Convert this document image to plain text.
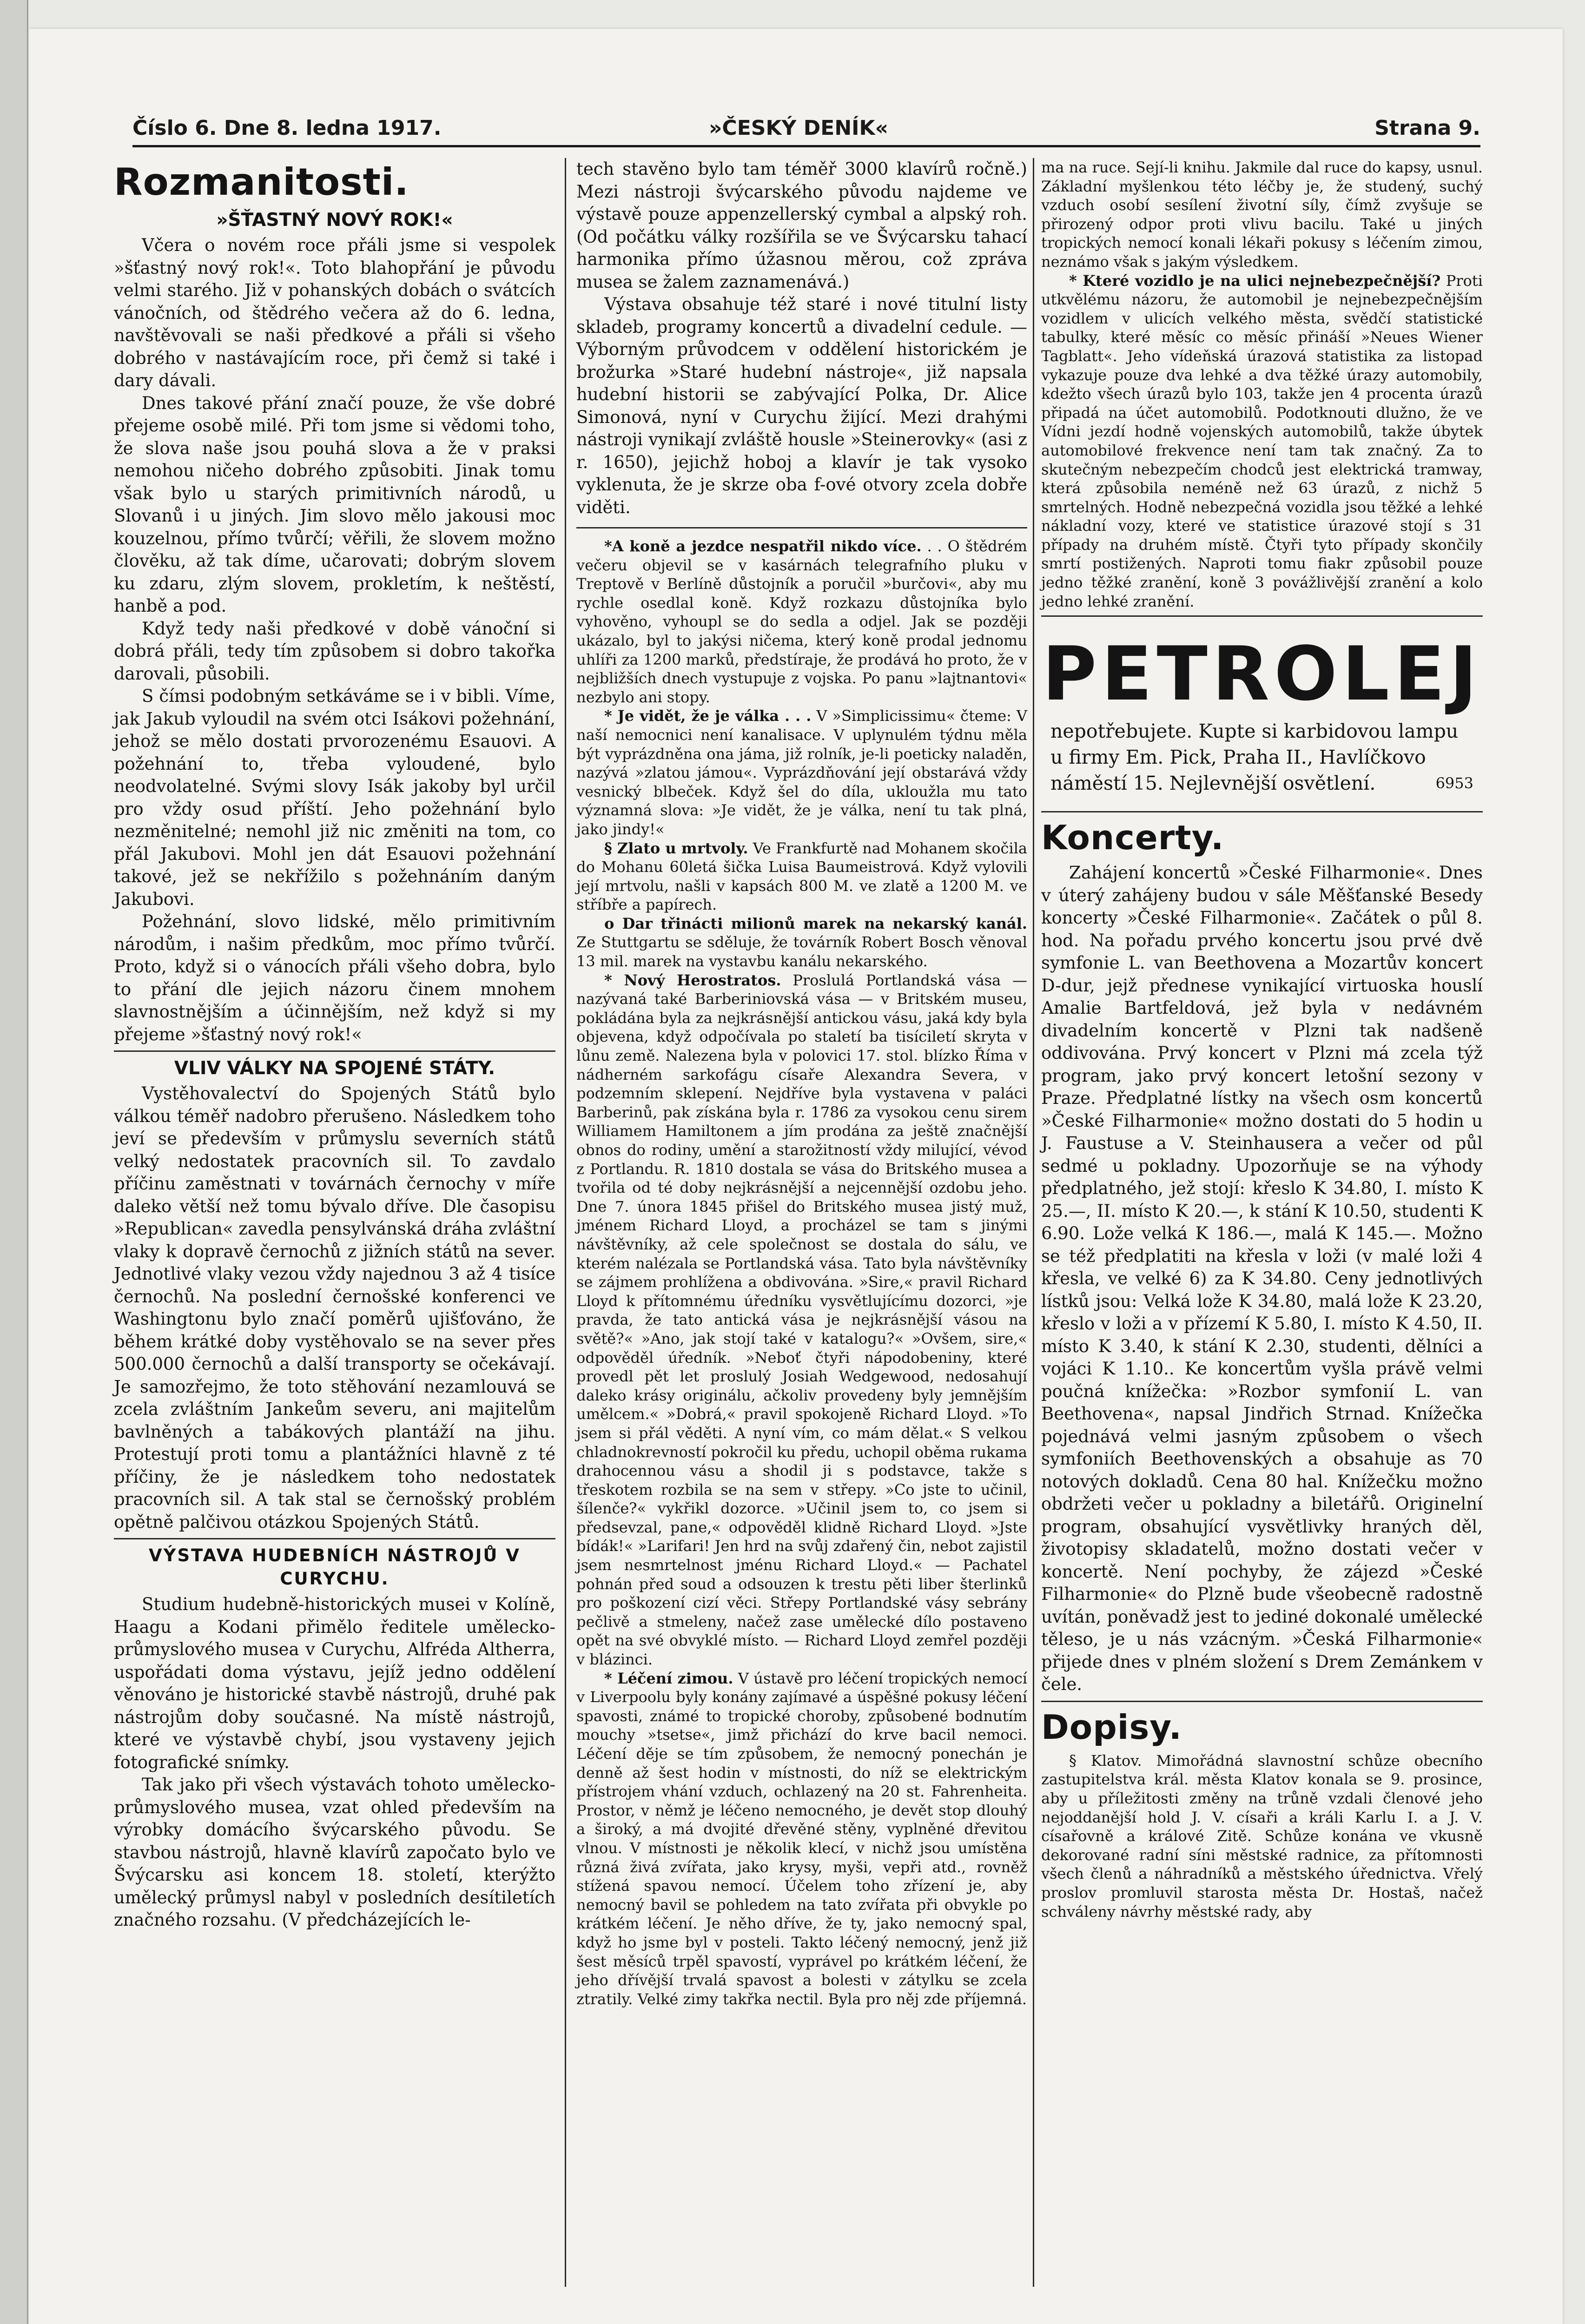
Číslo 6. Dne 8. ledna 1917.	»ČESKÝ DENÍK«	Strana 9.
Rozmanitosti.
»ŠŤASTNÝ NOVÝ ROK!«

Včera o novém roce přáli jsme si vespolek »šťastný nový rok!«. Toto blahopřání je původu velmi starého. Již v pohanských dobách o svátcích vánočních, od štědrého večera až do 6. ledna, navštěvovali se naši předkové a přáli si všeho dobrého v nastávajícím roce, při čemž si také i dary dávali.

Dnes takové přání značí pouze, že vše dobré přejeme osobě milé. Při tom jsme si vědomi toho, že slova naše jsou pouhá slova a že v praksi nemohou ničeho dobrého způsobiti. Jinak tomu však bylo u starých primitivních národů, u Slovanů i u jiných. Jim slovo mělo jakousi moc kouzelnou, přímo tvůrčí; věřili, že slovem možno člověku, až tak díme, učarovati; dobrým slovem ku zdaru, zlým slovem, prokletím, k neštěstí, hanbě a pod.

Když tedy naši předkové v době vánoční si dobrá přáli, tedy tím způsobem si dobro takořka darovali, působili.

S čímsi podobným setkáváme se i v bibli. Víme, jak Jakub vyloudil na svém otci Isákovi požehnání, jehož se mělo dostati prvorozenému Esauovi. A požehnání to, třeba vyloudené, bylo neodvolatelné. Svými slovy Isák jakoby byl určil pro vždy osud příští. Jeho požehnání bylo nezměnitelné; nemohl již nic změniti na tom, co přál Jakubovi. Mohl jen dát Esauovi požehnání takové, jež se nekřížilo s požehnáním daným Jakubovi.

Požehnání, slovo lidské, mělo primitivním národům, i našim předkům, moc přímo tvůrčí. Proto, když si o vánocích přáli všeho dobra, bylo to přání dle jejich názoru činem mnohem slavnostnějším a účinnějším, než když si my přejeme »šťastný nový rok!«

VLIV VÁLKY NA SPOJENÉ STÁTY.

Vystěhovalectví do Spojených Států bylo válkou téměř nadobro přerušeno. Následkem toho jeví se především v průmyslu severních států velký nedostatek pracovních sil. To zavdalo příčinu zaměstnati v továrnách černochy v míře daleko větší než tomu bývalo dříve. Dle časopisu »Republican« zavedla pensylvánská dráha zvláštní vlaky k dopravě černochů z jižních států na sever. Jednotlivé vlaky vezou vždy najednou 3 až 4 tisíce černochů. Na poslední černošské konferenci ve Washingtonu bylo značí poměrů ujišťováno, že během krátké doby vystěhovalo se na sever přes 500.000 černochů a další transporty se očekávají. Je samozřejmo, že toto stěhování nezamlouvá se zcela zvláštním Jankeům severu, ani majitelům bavlněných a tabákových plantáží na jihu. Protestují proti tomu a plantážníci hlavně z té příčiny, že je následkem toho nedostatek pracovních sil. A tak stal se černošský problém opětně palčivou otázkou Spojených Států.

VÝSTAVA HUDEBNÍCH NÁSTROJŮ V CURYCHU.

Studium hudebně-historických musei v Kolíně, Haagu a Kodani přimělo ředitele umělecko-průmyslového musea v Curychu, Alfréda Altherra, uspořádati doma výstavu, jejíž jedno oddělení věnováno je historické stavbě nástrojů, druhé pak nástrojům doby současné. Na místě nástrojů, které ve výstavbě chybí, jsou vystaveny jejich fotografické snímky.

Tak jako při všech výstavách tohoto umělecko-průmyslového musea, vzat ohled především na výrobky domácího švýcarského původu. Se stavbou nástrojů, hlavně klavírů započato bylo ve Švýcarsku asi koncem 18. století, kterýžto umělecký průmysl nabyl v posledních desítiletích značného rozsahu. (V předcházejících le-

tech stavěno bylo tam téměř 3000 klavírů ročně.) Mezi nástroji švýcarského původu najdeme ve výstavě pouze appenzellerský cymbal a alpský roh. (Od počátku války rozšířila se ve Švýcarsku tahací harmonika přímo úžasnou měrou, což zpráva musea se žalem zaznamenává.)

Výstava obsahuje též staré i nové titulní listy skladeb, programy koncertů a divadelní cedule. — Výborným průvodcem v oddělení historickém je brožurka »Staré hudební nástroje«, již napsala hudební historii se zabývající Polka, Dr. Alice Simonová, nyní v Curychu žijící. Mezi drahými nástroji vynikají zvláště housle »Steinerovky« (asi z r. 1650), jejichž hoboj a klavír je tak vysoko vyklenuta, že je skrze oba f-ové otvory zcela dobře viděti.

*A koně a jezdce nespatřil nikdo více. . . O štědrém večeru objevil se v kasárnách telegrafního pluku v Treptově v Berlíně důstojník a poručil »burčovi«, aby mu rychle osedlal koně. Když rozkazu důstojníka bylo vyhověno, vyhoupl se do sedla a odjel. Jak se později ukázalo, byl to jakýsi ničema, který koně prodal jednomu uhlíři za 1200 marků, předstíraje, že prodává ho proto, že v nejbližších dnech vystupuje z vojska. Po panu »lajtnantovi« nezbylo ani stopy.

* Je vidět, že je válka . . . V »Simplicissimu« čteme: V naší nemocnici není kanalisace. V uplynulém týdnu měla být vyprázdněna ona jáma, již rolník, je-li poeticky naladěn, nazývá »zlatou jámou«. Vyprázdňování její obstarává vždy vesnický blbeček. Když šel do díla, ukloužla mu tato významná slova: »Je vidět, že je válka, není tu tak plná, jako jindy!«

§ Zlato u mrtvoly. Ve Frankfurtě nad Mohanem skočila do Mohanu 60letá šička Luisa Baumeistrová. Když vylovili její mrtvolu, našli v kapsách 800 M. ve zlatě a 1200 M. ve stříbře a papírech.

o Dar třinácti milionů marek na nekarský kanál. Ze Stuttgartu se sděluje, že továrník Robert Bosch věnoval 13 mil. marek na vystavbu kanálu nekarského.

* Nový Herostratos. Proslulá Portlandská vása — nazývaná také Barberiniovská vása — v Britském museu, pokládána byla za nejkrásnější antickou vásu, jaká kdy byla objevena, když odpočívala po staletí ba tisíciletí skryta v lůnu země. Nalezena byla v polovici 17. stol. blízko Říma v nádherném sarkofágu císaře Alexandra Severa, v podzemním sklepení. Nejdříve byla vystavena v paláci Barberinů, pak získána byla r. 1786 za vysokou cenu sirem Williamem Hamiltonem a jím prodána za ještě značnější obnos do rodiny, umění a starožitností vždy milující, vévod z Portlandu. R. 1810 dostala se vása do Britského musea a tvořila od té doby nejkrásnější a nejcennější ozdobu jeho. Dne 7. února 1845 přišel do Britského musea jistý muž, jménem Richard Lloyd, a procházel se tam s jinými návštěvníky, až cele společnost se dostala do sálu, ve kterém nalézala se Portlandská vása. Tato byla návštěvníky se zájmem prohlížena a obdivována. »Sire,« pravil Richard Lloyd k přítomnému úředníku vysvětlujícímu dozorci, »je pravda, že tato antická vása je nejkrásnější vásou na světě?« »Ano, jak stojí také v katalogu?« »Ovšem, sire,« odpověděl úředník. »Neboť čtyři nápodobeniny, které provedl pět let proslulý Josiah Wedgewood, nedosahují daleko krásy originálu, ačkoliv provedeny byly jemnějším umělcem.« »Dobrá,« pravil spokojeně Richard Lloyd. »To jsem si přál věděti. A nyní vím, co mám dělat.« S velkou chladnokrevností pokročil ku předu, uchopil oběma rukama drahocennou vásu a shodil ji s podstavce, takže s třeskotem rozbila se na sem v střepy. »Co jste to učinil, šílenče?« vykřikl dozorce. »Učinil jsem to, co jsem si předsevzal, pane,« odpověděl klidně Richard Lloyd. »Jste bídák!« »Larifari! Jen hrd na svůj zdařený čin, nebot zajistil jsem nesmrtelnost jménu Richard Lloyd.« — Pachatel pohnán před soud a odsouzen k trestu pěti liber šterlinků pro poškození cizí věci. Střepy Portlandské vásy sebrány pečlivě a stmeleny, načež zase umělecké dílo postaveno opět na své obvyklé místo. — Richard Lloyd zemřel později v blázinci.

* Léčení zimou. V ústavě pro léčení tropických nemocí v Liverpoolu byly konány zajímavé a úspěšné pokusy léčení spavosti, známé to tropické choroby, způsobené bodnutím mouchy »tsetse«, jimž přichází do krve bacil nemoci. Léčení děje se tím způsobem, že nemocný ponechán je denně až šest hodin v místnosti, do níž se elektrickým přístrojem vhání vzduch, ochlazený na 20 st. Fahrenheita. Prostor, v němž je léčeno nemocného, je devět stop dlouhý a široký, a má dvojité dřevěné stěny, vyplněné dřevitou vlnou. V místnosti je několik klecí, v nichž jsou umístěna různá živá zvířata, jako krysy, myši, vepři atd., rovněž stížená spavou nemocí. Účelem toho zřízení je, aby nemocný bavil se pohledem na tato zvířata při obvykle po krátkém léčení. Je něho dříve, že ty, jako nemocný spal, když ho jsme byl v posteli. Takto léčený nemocný, jenž již šest měsíců trpěl spavostí, vyprável po krátkém léčení, že jeho dřívější trvalá spavost a bolesti v zátylku se zcela ztratily. Velké zimy takřka nectil. Byla pro něj zde příjemná.

ma na ruce. Sejí-li knihu. Jakmile dal ruce do kapsy, usnul. Základní myšlenkou této léčby je, že studený, suchý vzduch osobí sesílení životní síly, čímž zvyšuje se přirozený odpor proti vlivu bacilu. Také u jiných tropických nemocí konali lékaři pokusy s léčením zimou, neznámo však s jakým výsledkem.

* Které vozidlo je na ulici nejnebezpečnější? Proti utkvělému názoru, že automobil je nejnebezpečnějším vozidlem v ulicích velkého města, svědčí statistické tabulky, které měsíc co měsíc přináší »Neues Wiener Tagblatt«. Jeho vídeňská úrazová statistika za listopad vykazuje pouze dva lehké a dva těžké úrazy automobily, kdežto všech úrazů bylo 103, takže jen 4 procenta úrazů připadá na účet automobilů. Podotknouti dlužno, že ve Vídni jezdí hodně vojenských automobilů, takže úbytek automobilové frekvence není tam tak značný. Za to skutečným nebezpečím chodců jest elektrická tramway, která způsobila neméně než 63 úrazů, z nichž 5 smrtelných. Hodně nebezpečná vozidla jsou těžké a lehké nákladní vozy, které ve statistice úrazové stojí s 31 případy na druhém místě. Čtyři tyto případy skončily smrtí postižených. Naproti tomu fiakr způsobil pouze jedno těžké zranění, koně 3 povážlivější zranění a kolo jedno lehké zranění.

PETROLEJ
nepotřebujete. Kupte si karbidovou lampu
u firmy Em. Pick, Praha II., Havlíčkovo
náměstí 15. Nejlevnější osvětlení.	6953
Koncerty.

Zahájení koncertů »České Filharmonie«. Dnes v úterý zahájeny budou v sále Měšťanské Besedy koncerty »České Filharmonie«. Začátek o půl 8. hod. Na pořadu prvého koncertu jsou prvé dvě symfonie L. van Beethovena a Mozartův koncert D-dur, jejž přednese vynikající virtuoska houslí Amalie Bartfeldová, jež byla v nedávném divadelním koncertě v Plzni tak nadšeně oddivována. Prvý koncert v Plzni má zcela týž program, jako prvý koncert letošní sezony v Praze. Předplatné lístky na všech osm koncertů »České Filharmonie« možno dostati do 5 hodin u J. Faustuse a V. Steinhausera a večer od půl sedmé u pokladny. Upozorňuje se na výhody předplatného, jež stojí: křeslo K 34.80, I. místo K 25.—, II. místo K 20.—, k stání K 10.50, studenti K 6.90. Lože velká K 186.—, malá K 145.—. Možno se též předplatiti na křesla v loži (v malé loži 4 křesla, ve velké 6) za K 34.80. Ceny jednotlivých lístků jsou: Velká lože K 34.80, malá lože K 23.20, křeslo v loži a v přízemí K 5.80, I. místo K 4.50, II. místo K 3.40, k stání K 2.30, studenti, dělníci a vojáci K 1.10.. Ke koncertům vyšla právě velmi poučná knížečka: »Rozbor symfonií L. van Beethovena«, napsal Jindřich Strnad. Knížečka pojednává velmi jasným způsobem o všech symfoniích Beethovenských a obsahuje as 70 notových dokladů. Cena 80 hal. Knížečku možno obdržeti večer u pokladny a biletářů. Originelní program, obsahující vysvětlivky hraných děl, životopisy skladatelů, možno dostati večer v koncertě. Není pochyby, že zájezd »České Filharmonie« do Plzně bude všeobecně radostně uvítán, poněvadž jest to jediné dokonalé umělecké těleso, je u nás vzácným. »Česká Filharmonie« přijede dnes v plném složení s Drem Zemánkem v čele.

Dopisy.

§ Klatov. Mimořádná slavnostní schůze obecního zastupitelstva král. města Klatov konala se 9. prosince, aby u příležitosti změny na trůně vzdali členové jeho nejoddanější hold J. V. císaři a králi Karlu I. a J. V. císařovně a králové Zitě. Schůze konána ve vkusně dekorované radní síni městské radnice, za přítomnosti všech členů a náhradníků a městského úřednictva. Vřelý proslov promluvil starosta města Dr. Hostaš, načež schváleny návrhy městské rady, aby
